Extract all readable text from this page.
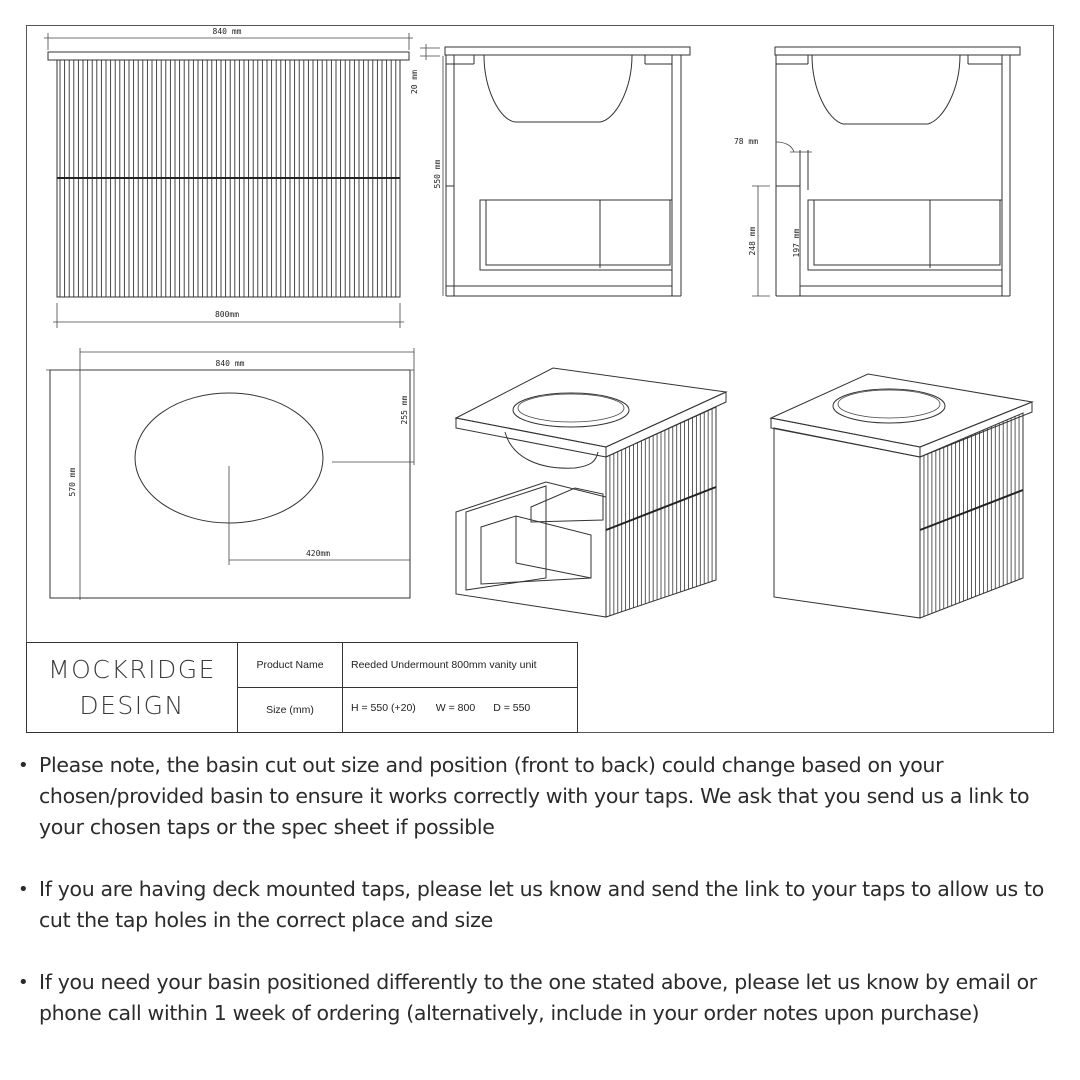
840 mm
800mm
20 mm
550 mm
78 mm
248 mm	197 mm
840 mm
570 mm
255 mm
420mm
MOCKRIDGE
DESIGN
Product Name	Reeded Undermount 800mm vanity unit
Size (mm)	H = 550 (+20) W = 800 D = 550
• Please note, the basin cut out size and position (front to back) could change based on your chosen/provided basin to ensure it works correctly with your taps. We ask that you send us a link to your chosen taps or the spec sheet if possible
• If you are having deck mounted taps, please let us know and send the link to your taps to allow us to cut the tap holes in the correct place and size
• If you need your basin positioned differently to the one stated above, please let us know by email or phone call within 1 week of ordering (alternatively, include in your order notes upon purchase)
